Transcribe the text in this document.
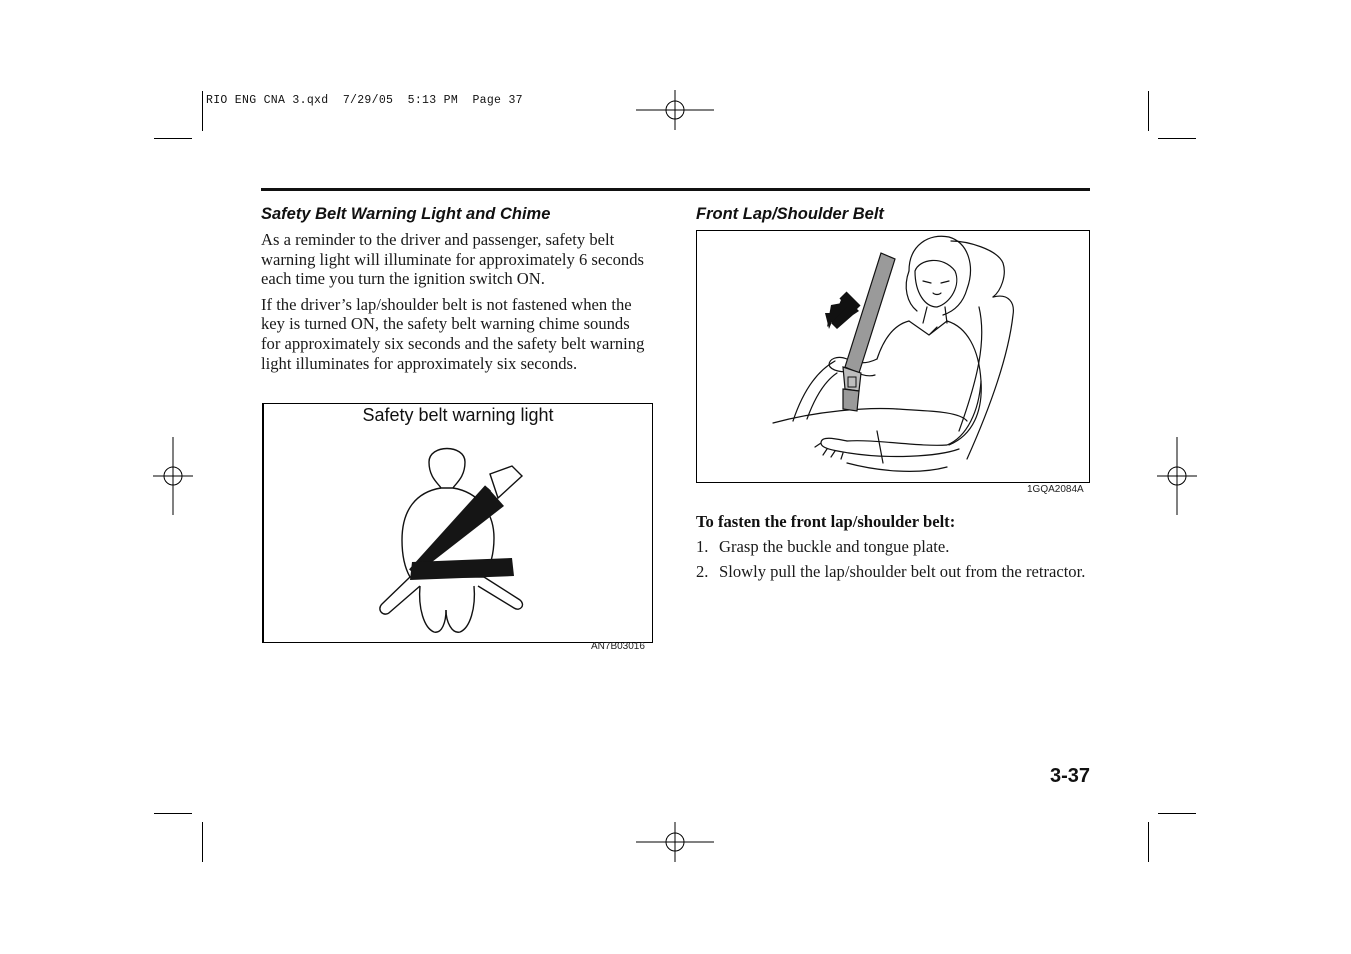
RIO ENG CNA 3.qxd  7/29/05  5:13 PM  Page 37
Safety Belt Warning Light and Chime

As a reminder to the driver and passenger, safety belt warning light will illuminate for approximately 6 seconds each time you turn the ignition switch ON.

If the driver’s lap/shoulder belt is not fastened when the key is turned ON, the safety belt warning chime sounds for approximately six seconds and the safety belt warning light illuminates for approximately six seconds.

Safety belt warning light
AN7B03016
Front Lap/Shoulder Belt
1GQA2084A
To fasten the front lap/shoulder belt:
1. Grasp the buckle and tongue plate.
2. Slowly pull the lap/shoulder belt out from the retractor.
3-37
